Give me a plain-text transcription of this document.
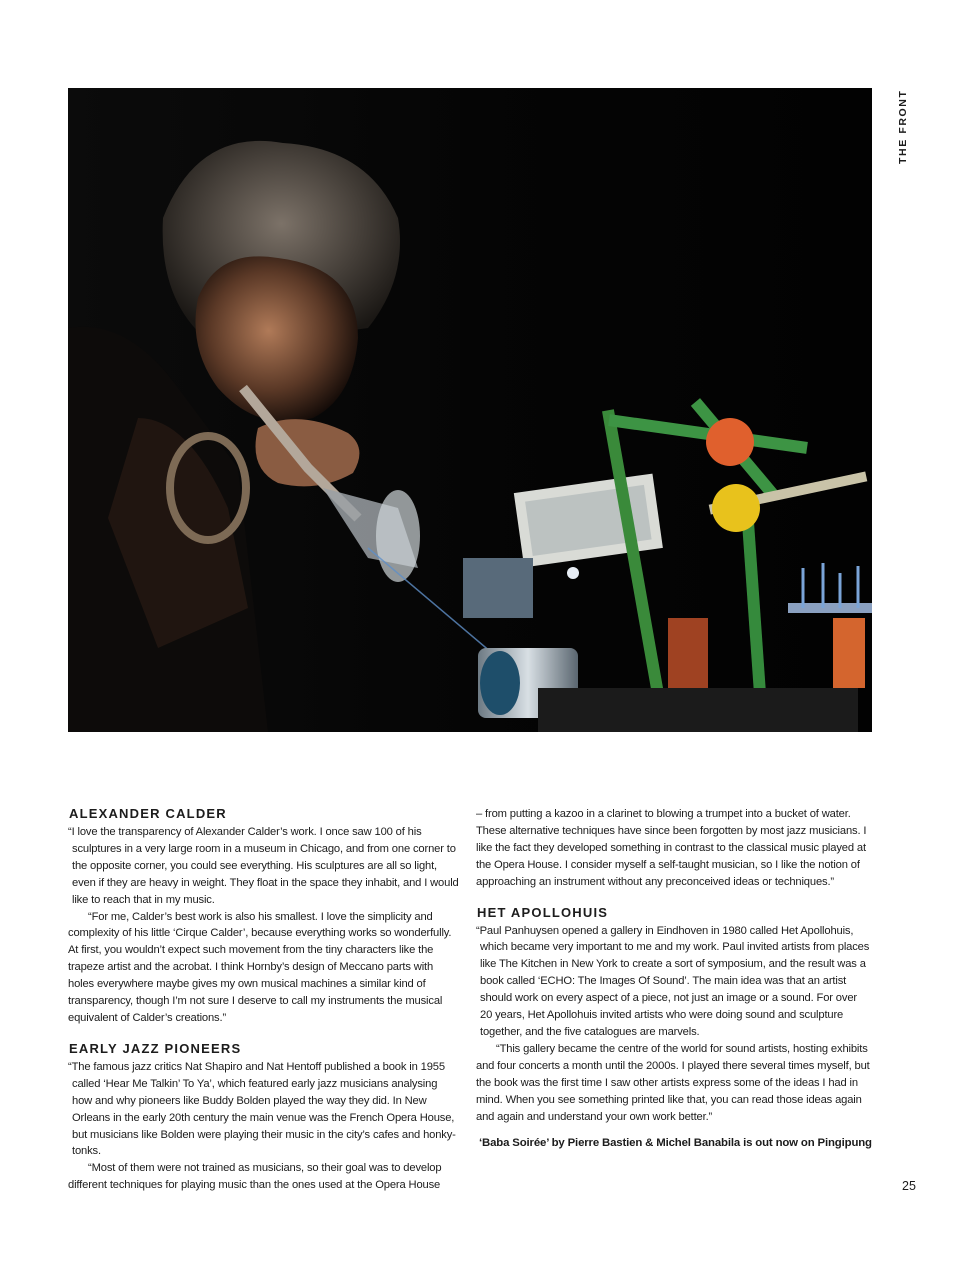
THE FRONT
ALEXANDER CALDER

“I love the transparency of Alexander Calder’s work. I once saw 100 of his sculptures in a very large room in a museum in Chicago, and from one corner to the opposite corner, you could see everything. His sculptures are all so light, even if they are heavy in weight. They float in the space they inhabit, and I would like to reach that in my music.

“For me, Calder’s best work is also his smallest. I love the simplicity and complexity of his little ‘Cirque Calder’, because everything works so wonderfully. At first, you wouldn’t expect such movement from the tiny characters like the trapeze artist and the acrobat. I think Hornby’s design of Meccano parts with holes everywhere maybe gives my own musical machines a similar kind of transparency, though I’m not sure I deserve to call my instruments the musical equivalent of Calder’s creations.”

EARLY JAZZ PIONEERS

“The famous jazz critics Nat Shapiro and Nat Hentoff published a book in 1955 called ‘Hear Me Talkin’ To Ya’, which featured early jazz musicians analysing how and why pioneers like Buddy Bolden played the way they did. In New Orleans in the early 20th century the main venue was the French Opera House, but musicians like Bolden were playing their music in the city’s cafes and honky-tonks.

“Most of them were not trained as musicians, so their goal was to develop different techniques for playing music than the ones used at the Opera House

– from putting a kazoo in a clarinet to blowing a trumpet into a bucket of water. These alternative techniques have since been forgotten by most jazz musicians. I like the fact they developed something in contrast to the classical music played at the Opera House. I consider myself a self-taught musician, so I like the notion of approaching an instrument without any preconceived ideas or techniques.”

HET APOLLOHUIS

“Paul Panhuysen opened a gallery in Eindhoven in 1980 called Het Apollohuis, which became very important to me and my work. Paul invited artists from places like The Kitchen in New York to create a sort of symposium, and the result was a book called ‘ECHO: The Images Of Sound’. The main idea was that an artist should work on every aspect of a piece, not just an image or a sound. For over 20 years, Het Apollohuis invited artists who were doing sound and sculpture together, and the five catalogues are marvels.

“This gallery became the centre of the world for sound artists, hosting exhibits and four concerts a month until the 2000s. I played there several times myself, but the book was the first time I saw other artists express some of the ideas I had in mind. When you see something printed like that, you can read those ideas again and again and understand your own work better.”

‘Baba Soirée’ by Pierre Bastien & Michel Banabila is out now on Pingipung

25
